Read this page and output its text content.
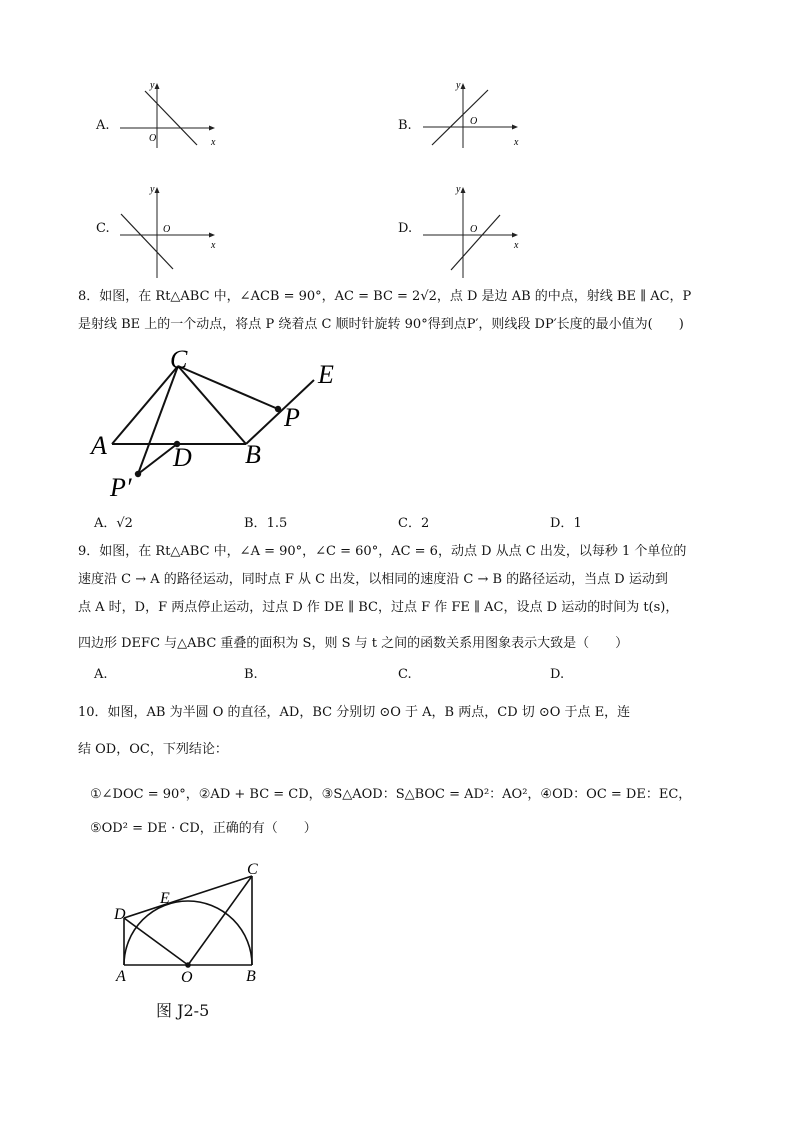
A.
y
x
O
B.
y
x
O
C.
y
x
O	D.
y
x
O
8．如图，在 Rt△ABC 中，∠ACB = 90°，AC = BC = 2√2，点 D 是边 AB 的中点，射线 BE ∥ AC，P
是射线 BE 上的一个动点，将点 P 绕着点 C 顺时针旋转 90°得到点P′，则线段 DP′长度的最小值为(　　)
C
E
P
A	D B
P′
A．√2	B．1.5	C．2	D．1
9．如图，在 Rt△ABC 中，∠A = 90°，∠C = 60°，AC = 6，动点 D 从点 C 出发，以每秒 1 个单位的
速度沿 C → A 的路径运动，同时点 F 从 C 出发，以相同的速度沿 C → B 的路径运动，当点 D 运动到
点 A 时，D，F 两点停止运动，过点 D 作 DE ∥ BC，过点 F 作 FE ∥ AC，设点 D 运动的时间为 t(s)，
四边形 DEFC 与△ABC 重叠的面积为 S，则 S 与 t 之间的函数关系用图象表示大致是（　　）
A.	B.	C.	D.
10．如图，AB 为半圆 O 的直径，AD，BC 分别切 ⊙O 于 A，B 两点，CD 切 ⊙O 于点 E，连
结 OD，OC，下列结论：
①∠DOC = 90°，②AD + BC = CD，③S△AOD：S△BOC = AD²：AO²，④OD：OC = DE：EC，
⑤OD² = DE · CD，正确的有（　　）
C
E
D
A	O	B
图 J2-5
